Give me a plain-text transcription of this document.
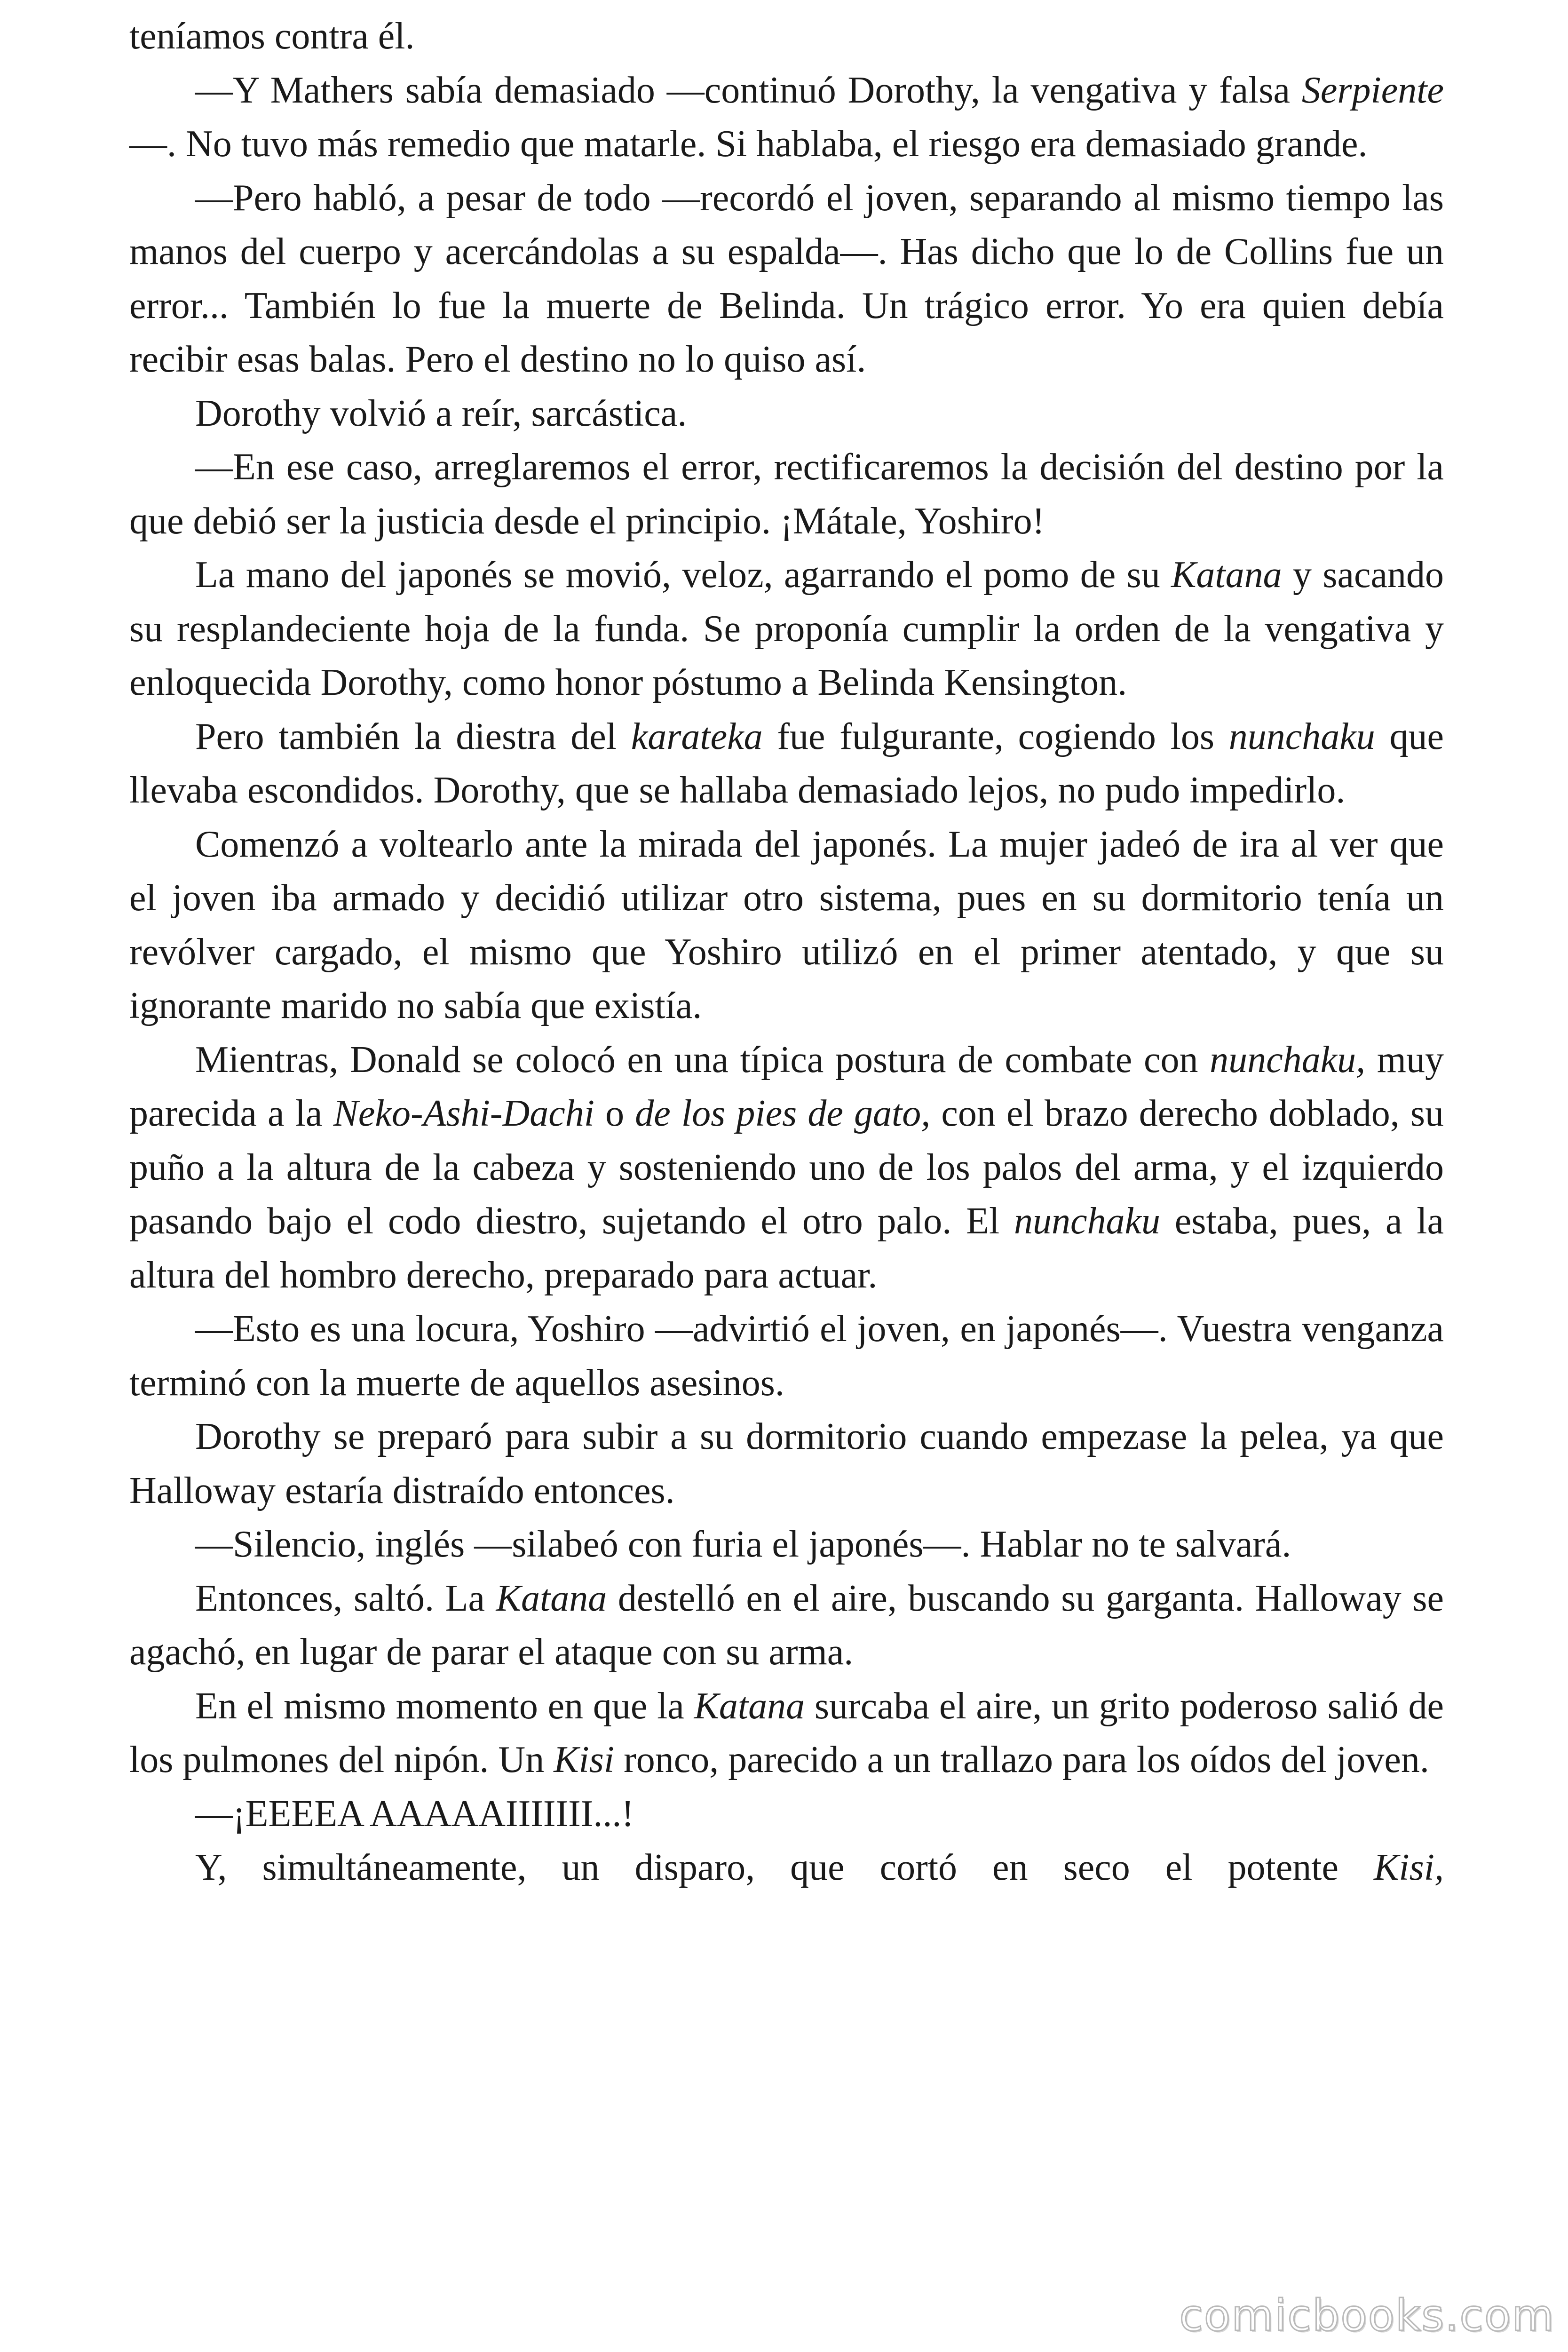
teníamos contra él.

—Y Mathers sabía demasiado —continuó Dorothy, la vengativa y falsa Serpiente—. No tuvo más remedio que matarle. Si hablaba, el riesgo era demasiado grande.

—Pero habló, a pesar de todo —recordó el joven, separando al mismo tiempo las manos del cuerpo y acercándolas a su espalda—. Has dicho que lo de Collins fue un error... También lo fue la muerte de Belinda. Un trágico error. Yo era quien debía recibir esas balas. Pero el destino no lo quiso así.

Dorothy volvió a reír, sarcástica.

—En ese caso, arreglaremos el error, rectificaremos la decisión del destino por la que debió ser la justicia desde el principio. ¡Mátale, Yoshiro!

La mano del japonés se movió, veloz, agarrando el pomo de su Katana y sacando su resplandeciente hoja de la funda. Se proponía cumplir la orden de la vengativa y enloquecida Dorothy, como honor póstumo a Belinda Kensington.

Pero también la diestra del karateka fue fulgurante, cogiendo los nunchaku que llevaba escondidos. Dorothy, que se hallaba demasiado lejos, no pudo impedirlo.

Comenzó a voltearlo ante la mirada del japonés. La mujer jadeó de ira al ver que el joven iba armado y decidió utilizar otro sistema, pues en su dormitorio tenía un revólver cargado, el mismo que Yoshiro utilizó en el primer atentado, y que su ignorante marido no sabía que existía.

Mientras, Donald se colocó en una típica postura de combate con nunchaku, muy parecida a la Neko-Ashi-Dachi o de los pies de gato, con el brazo derecho doblado, su puño a la altura de la cabeza y sosteniendo uno de los palos del arma, y el izquierdo pasando bajo el codo diestro, sujetando el otro palo. El nunchaku estaba, pues, a la altura del hombro derecho, preparado para actuar.

—Esto es una locura, Yoshiro —advirtió el joven, en japonés—. Vuestra venganza terminó con la muerte de aquellos asesinos.

Dorothy se preparó para subir a su dormitorio cuando empezase la pelea, ya que Halloway estaría distraído entonces.

—Silencio, inglés —silabeó con furia el japonés—. Hablar no te salvará.

Entonces, saltó. La Katana destelló en el aire, buscando su garganta. Halloway se agachó, en lugar de parar el ataque con su arma.

En el mismo momento en que la Katana surcaba el aire, un grito poderoso salió de los pulmones del nipón. Un Kisi ronco, parecido a un trallazo para los oídos del joven.

—¡EEEEA AAAAAIIIIIII...!

Y, simultáneamente, un disparo, que cortó en seco el potente Kisi,

comicbooks.com
